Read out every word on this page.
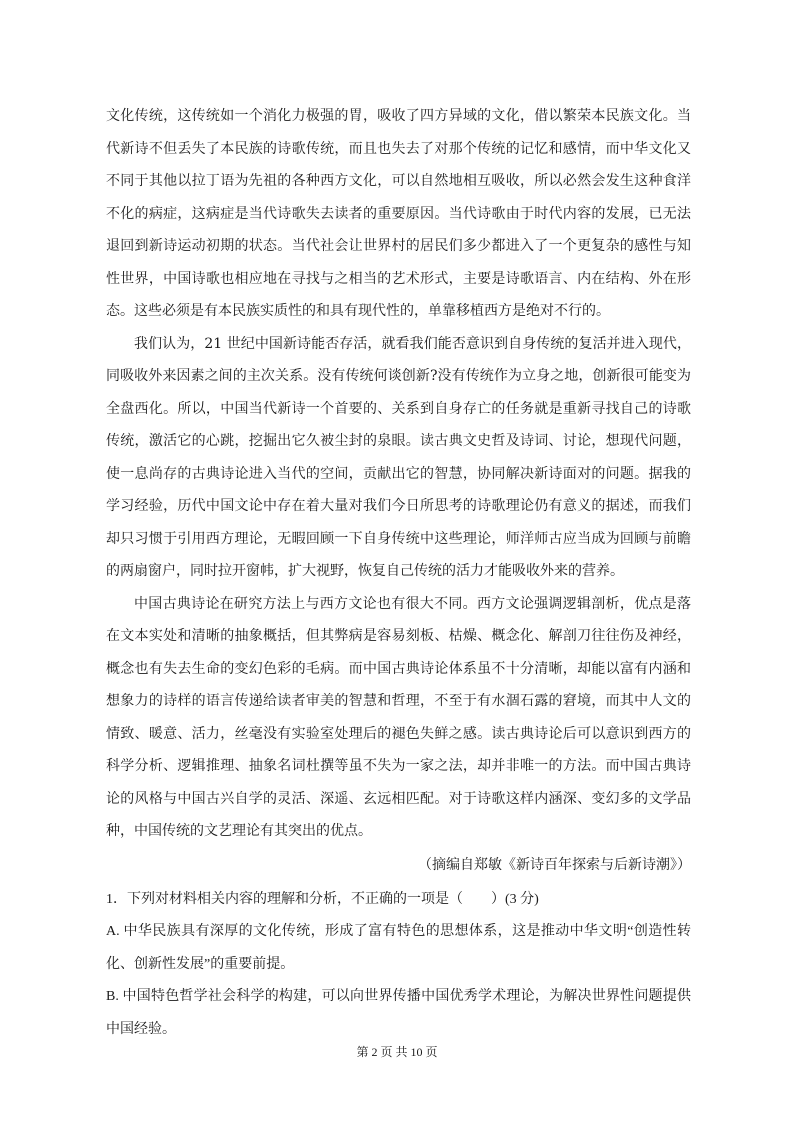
文化传统，这传统如一个消化力极强的胃，吸收了四方异域的文化，借以繁荣本民族文化。当代新诗不但丢失了本民族的诗歌传统，而且也失去了对那个传统的记忆和感情，而中华文化又不同于其他以拉丁语为先祖的各种西方文化，可以自然地相互吸收，所以必然会发生这种食洋不化的病症，这病症是当代诗歌失去读者的重要原因。当代诗歌由于时代内容的发展，已无法退回到新诗运动初期的状态。当代社会让世界村的居民们多少都进入了一个更复杂的感性与知性世界，中国诗歌也相应地在寻找与之相当的艺术形式，主要是诗歌语言、内在结构、外在形态。这些必须是有本民族实质性的和具有现代性的，单靠移植西方是绝对不行的。

我们认为，21 世纪中国新诗能否存活，就看我们能否意识到自身传统的复活并进入现代，同吸收外来因素之间的主次关系。没有传统何谈创新?没有传统作为立身之地，创新很可能变为全盘西化。所以，中国当代新诗一个首要的、关系到自身存亡的任务就是重新寻找自己的诗歌传统，激活它的心跳，挖掘出它久被尘封的泉眼。读古典文史哲及诗词、讨论，想现代问题，使一息尚存的古典诗论进入当代的空间，贡献出它的智慧，协同解决新诗面对的问题。据我的学习经验，历代中国文论中存在着大量对我们今日所思考的诗歌理论仍有意义的据述，而我们却只习惯于引用西方理论，无暇回顾一下自身传统中这些理论，师洋师古应当成为回顾与前瞻的两扇窗户，同时拉开窗帏，扩大视野，恢复自己传统的活力才能吸收外来的营养。

中国古典诗论在研究方法上与西方文论也有很大不同。西方文论强调逻辑剖析，优点是落在文本实处和清晰的抽象概括，但其弊病是容易刻板、枯燥、概念化、解剖刀往往伤及神经，概念也有失去生命的变幻色彩的毛病。而中国古典诗论体系虽不十分清晰，却能以富有内涵和想象力的诗样的语言传递给读者审美的智慧和哲理，不至于有水涸石露的窘境，而其中人文的情致、暖意、活力，丝毫没有实验室处理后的褪色失鲜之感。读古典诗论后可以意识到西方的科学分析、逻辑推理、抽象名词杜撰等虽不失为一家之法，却并非唯一的方法。而中国古典诗论的风格与中国古兴自学的灵活、深遥、玄远相匹配。对于诗歌这样内涵深、变幻多的文学品种，中国传统的文艺理论有其突出的优点。

（摘编自郑敏《新诗百年探索与后新诗潮》）

1．下列对材料相关内容的理解和分析，不正确的一项是（　　）(3 分)

A. 中华民族具有深厚的文化传统，形成了富有特色的思想体系，这是推动中华文明“创造性转化、创新性发展”的重要前提。

B. 中国特色哲学社会科学的构建，可以向世界传播中国优秀学术理论，为解决世界性问题提供中国经验。

第 2 页 共 10 页
